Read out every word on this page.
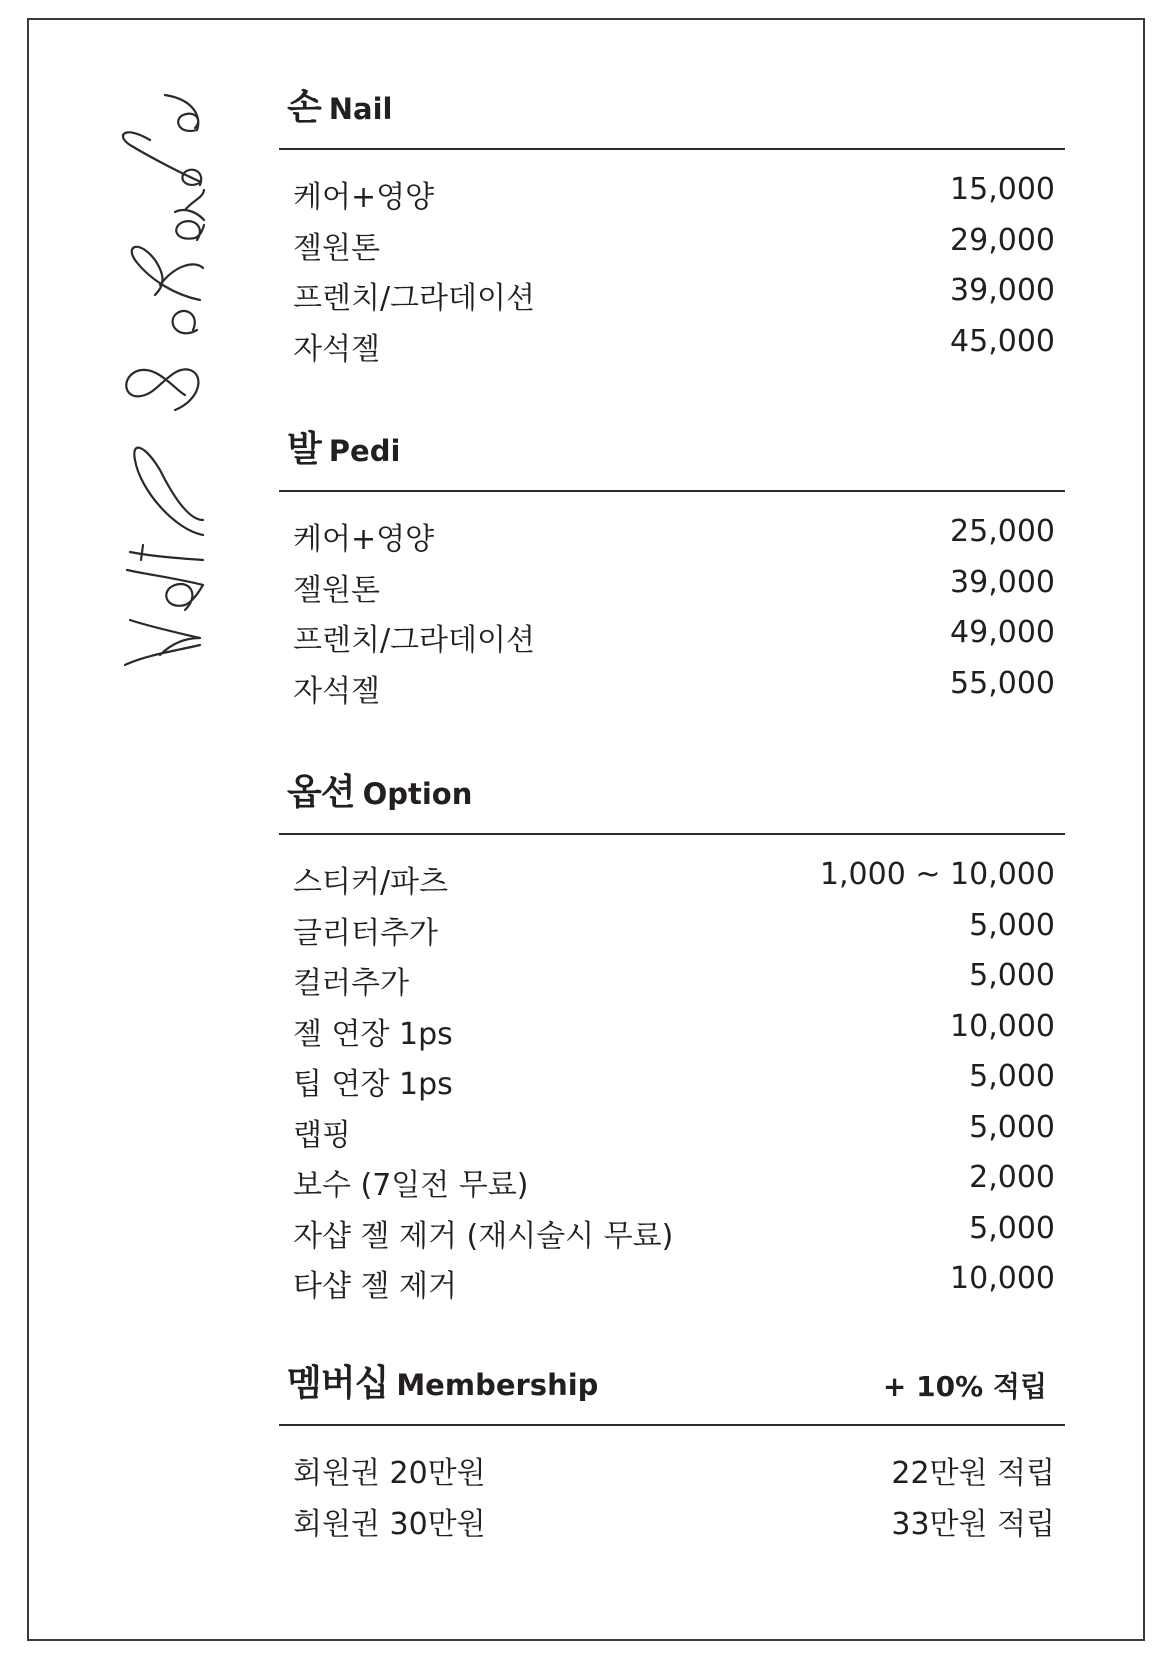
손 Nail
케어+영양	15,000
젤원톤	29,000
프렌치/그라데이션	39,000
자석젤	45,000
발 Pedi
케어+영양	25,000
젤원톤	39,000
프렌치/그라데이션	49,000
자석젤	55,000
옵션 Option
스티커/파츠	1,000 ~ 10,000
글리터추가	5,000
컬러추가	5,000
젤 연장 1ps	10,000
팁 연장 1ps	5,000
랩핑	5,000
보수 (7일전 무료)	2,000
자샵 젤 제거 (재시술시 무료)	5,000
타샵 젤 제거	10,000
멤버십 Membership	+ 10% 적립
회원권 20만원	22만원 적립
회원권 30만원	33만원 적립
